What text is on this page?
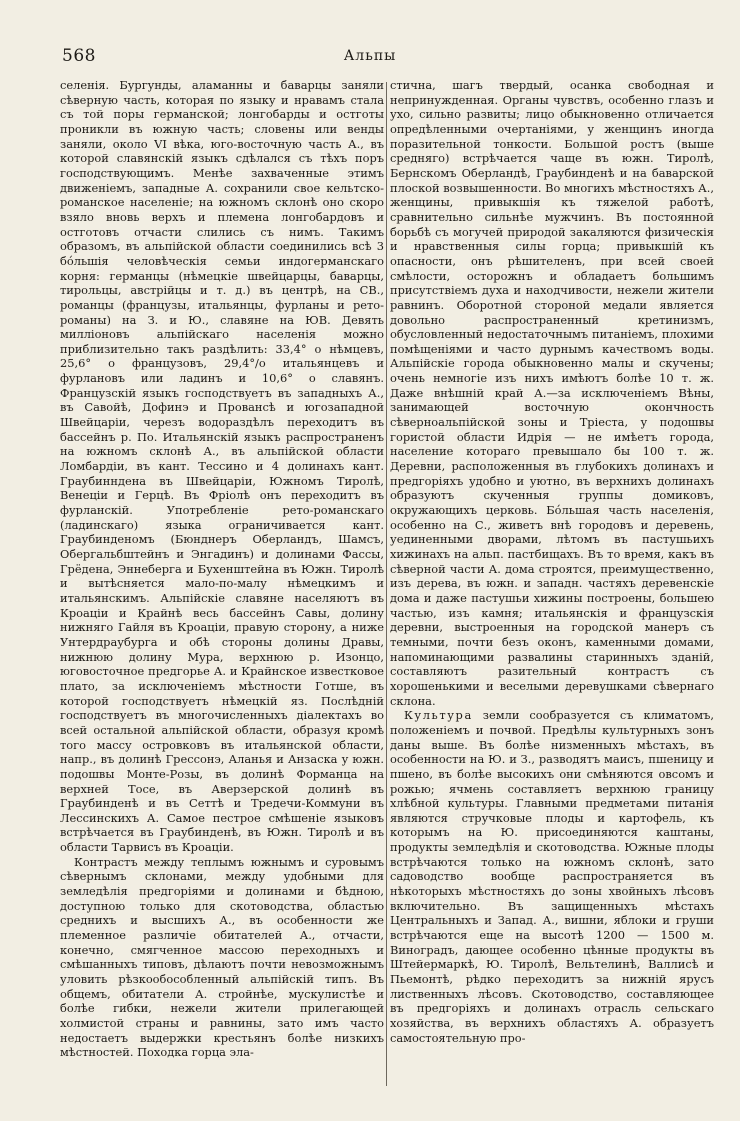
568	Альпы

селенія. Бургунды, аламанны и баварцы заняли сѣверную часть, которая по языку и нравамъ стала съ той поры германской; лонгобарды и остготы проникли въ южную часть; словены или венды заняли, около VI вѣка, юго-восточную часть А., въ которой славянскій языкъ сдѣлался съ тѣхъ поръ господствующимъ. Менѣе захваченные этимъ движеніемъ, западные А. сохранили свое кельтско-романское населеніе; на южномъ склонѣ оно скоро взяло вновь верхъ и племена лонгобардовъ и остготовъ отчасти слились съ нимъ. Такимъ образомъ, въ альпійской области соединились всѣ 3 бóльшія человѣческія семьи индогерманскаго корня: германцы (нѣмецкіе швейцарцы, баварцы, тирольцы, австрійцы и т. д.) въ центрѣ, на СВ., романцы (французы, итальянцы, фурланы и рето-романы) на З. и Ю., славяне на ЮВ. Девять милліоновъ альпійскаго населенія можно приблизительно такъ раздѣлить: 33,4° о нѣмцевъ, 25,6° о французовъ, 29,4°/о итальянцевъ и фурлановъ или ладинъ и 10,6° о славянъ. Французскій языкъ господствуетъ въ западныхъ А., въ Савойѣ, Дофинэ и Провансѣ и югозападной Швейцаріи, черезъ водораздѣлъ переходитъ въ бассейнъ р. По. Итальянскій языкъ распространенъ на южномъ склонѣ А., въ альпійской области Ломбардіи, въ кант. Тессино и 4 долинахъ кант. Граубинндена въ Швейцаріи, Южномъ Тиролѣ, Венеціи и Герцѣ. Въ Фріолѣ онъ переходитъ въ фурланскій. Употребленіе рето-романскаго (ладинскаго) языка ограничивается кант. Граубинденомъ (Бюнднеръ Оберландъ, Шамсъ, Обергальбштейнъ и Энгадинъ) и долинами Фассы, Грёдена, Эннеберга и Бухенштейна въ Южн. Тиролѣ и вытѣсняется мало-по-малу нѣмецкимъ и итальянскимъ. Альпійскіе славяне населяютъ въ Кроаціи и Крайнѣ весь бассейнъ Савы, долину нижняго Гайля въ Кроаціи, правую сторону, а ниже Унтердраубурга и обѣ стороны долины Дравы, нижнюю долину Мура, верхнюю р. Изонцо, юговосточное предгорье А. и Крайнское известковое плато, за исключеніемъ мѣстности Готше, въ которой господствуетъ нѣмецкій яз. Послѣдній господствуетъ въ многочисленныхъ діалектахъ во всей остальной альпійской области, образуя кромѣ того массу островковъ въ итальянской области, напр., въ долинѣ Грессонэ, Аланья и Анзаска у южн. подошвы Монте-Розы, въ долинѣ Форманца на верхней Тосе, въ Аверзерской долинѣ въ Граубинденѣ и въ Сеттѣ и Тредечи-Коммуни въ Лессинскихъ А. Самое пестрое смѣшеніе языковъ встрѣчается въ Граубинденѣ, въ Южн. Тиролѣ и въ области Тарвисъ въ Кроаціи.

Контрастъ между теплымъ южнымъ и суровымъ сѣвернымъ склонами, между удобными для земледѣлія предгоріями и долинами и бѣдною, доступною только для скотоводства, областью среднихъ и высшихъ А., въ особенности же племенное различіе обитателей А., отчасти, конечно, смягченное массою переходныхъ и смѣшанныхъ типовъ, дѣлаютъ почти невозможнымъ уловить рѣзкообособленный альпійскій типъ. Въ общемъ, обитатели А. стройнѣе, мускулистѣе и болѣе гибки, нежели жители прилегающей холмистой страны и равнины, зато имъ часто недостаетъ выдержки крестьянъ болѣе низкихъ мѣстностей. Походка горца эла-

стична, шагъ твердый, осанка свободная и непринужденная. Органы чувствъ, особенно глазъ и ухо, сильно развиты; лицо обыкновенно отличается опредѣленными очертаніями, у женщинъ иногда поразительной тонкости. Большой ростъ (выше средняго) встрѣчается чаще въ южн. Тиролѣ, Бернскомъ Оберландѣ, Граубинденѣ и на баварской плоской возвышенности. Во многихъ мѣстностяхъ А., женщины, привыкшія къ тяжелой работѣ, сравнительно сильнѣе мужчинъ. Въ постоянной борьбѣ съ могучей природой закаляются физическія и нравственныя силы горца; привыкшій къ опасности, онъ рѣшителенъ, при всей своей смѣлости, осторожнъ и обладаетъ большимъ присутствіемъ духа и находчивости, нежели жители равнинъ. Оборотной стороной медали является довольно распространенный кретинизмъ, обусловленный недостаточнымъ питаніемъ, плохими помѣщеніями и часто дурнымъ качествомъ воды. Альпійскіе города обыкновенно малы и скучены; очень немногіе изъ нихъ имѣютъ болѣе 10 т. ж. Даже внѣшній край А.—за исключеніемъ Вѣны, занимающей восточную окончность сѣверноальпійской зоны и Тріеста, у подошвы гористой области Идрія — не имѣетъ города, население котораго превышало бы 100 т. ж. Деревни, расположенныя въ глубокихъ долинахъ и предгоріяхъ удобно и уютно, въ верхнихъ долинахъ образуютъ скученныя группы домиковъ, окружающихъ церковь. Бóльшая часть населенія, особенно на С., живетъ внѣ городовъ и деревень, уединенными дворами, лѣтомъ въ пастушьихъ хижинахъ на альп. пастбищахъ. Въ то время, какъ въ сѣверной части А. дома строятся, преимущественно, изъ дерева, въ южн. и западн. частяхъ деревенскіе дома и даже пастушьи хижины построены, большею частью, изъ камня; итальянскія и французскія деревни, выстроенныя на городской манеръ съ темными, почти безъ оконъ, каменными домами, напоминающими развалины старинныхъ зданій, составляютъ разительный контрастъ съ хорошенькими и веселыми деревушками сѣвернаго склона.

Культура земли сообразуется съ климатомъ, положеніемъ и почвой. Предѣлы культурныхъ зонъ даны выше. Въ болѣе низменныхъ мѣстахъ, въ особенности на Ю. и З., разводятъ маисъ, пшеницу и пшено, въ болѣе высокихъ они смѣняются овсомъ и рожью; ячмень составляетъ верхнюю границу хлѣбной культуры. Главными предметами питанія являются стручковые плоды и картофель, къ которымъ на Ю. присоединяются каштаны, продукты земледѣлія и скотоводства. Южные плоды встрѣчаются только на южномъ склонѣ, зато садоводство вообще распространяется въ нѣкоторыхъ мѣстностяхъ до зоны хвойныхъ лѣсовъ включительно. Въ защищенныхъ мѣстахъ Центральныхъ и Запад. А., вишни, яблоки и груши встрѣчаются еще на высотѣ 1200 — 1500 м. Виноградъ, дающее особенно цѣнные продукты въ Штейермаркѣ, Ю. Тиролѣ, Вельтелинѣ, Валлисѣ и Пьемонтѣ, рѣдко переходитъ за нижній ярусъ лиственныхъ лѣсовъ. Скотоводство, составляющее въ предгоріяхъ и долинахъ отрасль сельскаго хозяйства, въ верхнихъ областяхъ А. образуетъ самостоятельную про-
